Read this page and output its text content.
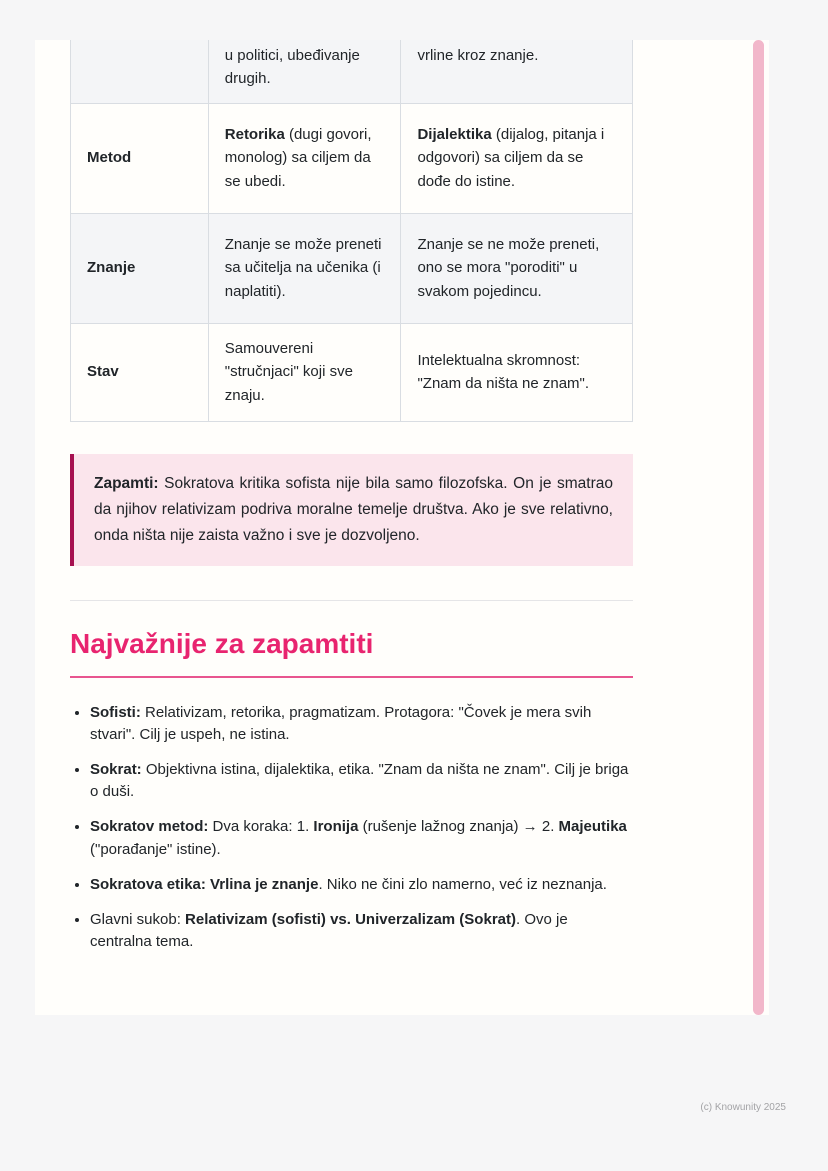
	u politici, ubeđivanje drugih.	vrline kroz znanje.
Metod	Retorika (dugi govori, monolog) sa ciljem da se ubedi.	Dijalektika (dijalog, pitanja i odgovori) sa ciljem da se dođe do istine.
Znanje	Znanje se može preneti sa učitelja na učenika (i naplatiti).	Znanje se ne može preneti, ono se mora "poroditi" u svakom pojedincu.
Stav	Samouvereni "stručnjaci" koji sve znaju.	Intelektualna skromnost: "Znam da ništa ne znam".
Zapamti: Sokratova kritika sofista nije bila samo filozofska. On je smatrao da njihov relativizam podriva moralne temelje društva. Ako je sve relativno, onda ništa nije zaista važno i sve je dozvoljeno.
Najvažnije za zapamtiti
• Sofisti: Relativizam, retorika, pragmatizam. Protagora: "Čovek je mera svih stvari". Cilj je uspeh, ne istina.
• Sokrat: Objektivna istina, dijalektika, etika. "Znam da ništa ne znam". Cilj je briga o duši.
• Sokratov metod: Dva koraka: 1. Ironija (rušenje lažnog znanja) → 2. Majeutika ("porađanje" istine).
• Sokratova etika: Vrlina je znanje. Niko ne čini zlo namerno, već iz neznanja.
• Glavni sukob: Relativizam (sofisti) vs. Univerzalizam (Sokrat). Ovo je centralna tema.
(c) Knowunity 2025
